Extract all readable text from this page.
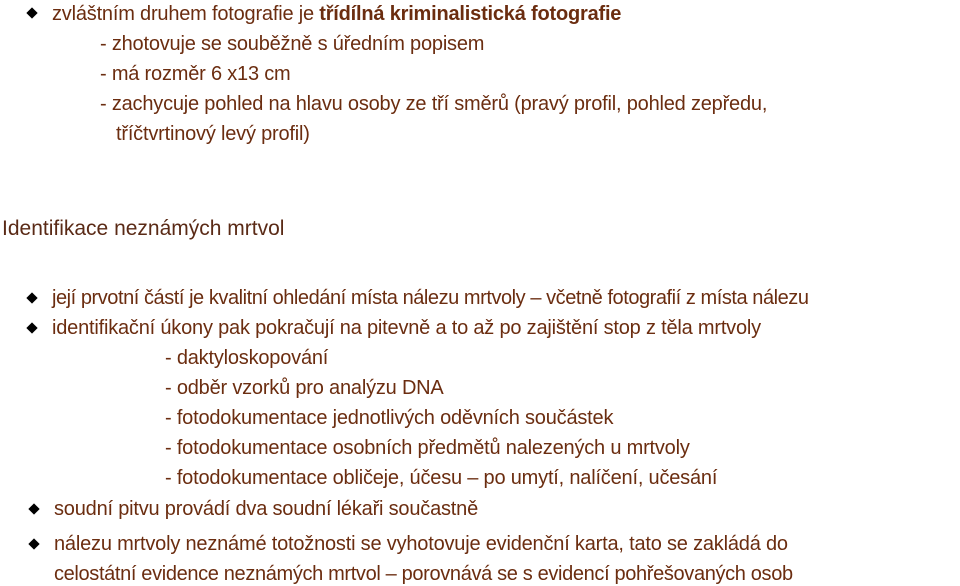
zvláštním druhem fotografie je třídílná kriminalistická fotografie
- zhotovuje se souběžně s úředním popisem
- má rozměr 6 x13 cm
- zachycuje pohled na hlavu osoby ze tří směrů (pravý profil, pohled zepředu,
tříčtvrtinový levý profil)
Identifikace neznámých mrtvol
její prvotní částí je kvalitní ohledání místa nálezu mrtvoly – včetně fotografií z místa nálezu
identifikační úkony pak pokračují na pitevně a to až po zajištění stop z těla mrtvoly
- daktyloskopování
- odběr vzorků pro analýzu DNA
- fotodokumentace jednotlivých oděvních součástek
- fotodokumentace osobních předmětů nalezených u mrtvoly
- fotodokumentace obličeje, účesu – po umytí, nalíčení, učesání
soudní pitvu provádí dva soudní lékaři součastně
nálezu mrtvoly neznámé totožnosti se vyhotovuje evidenční karta, tato se zakládá do
celostátní evidence neznámých mrtvol – porovnává se s evidencí pohřešovaných osob
